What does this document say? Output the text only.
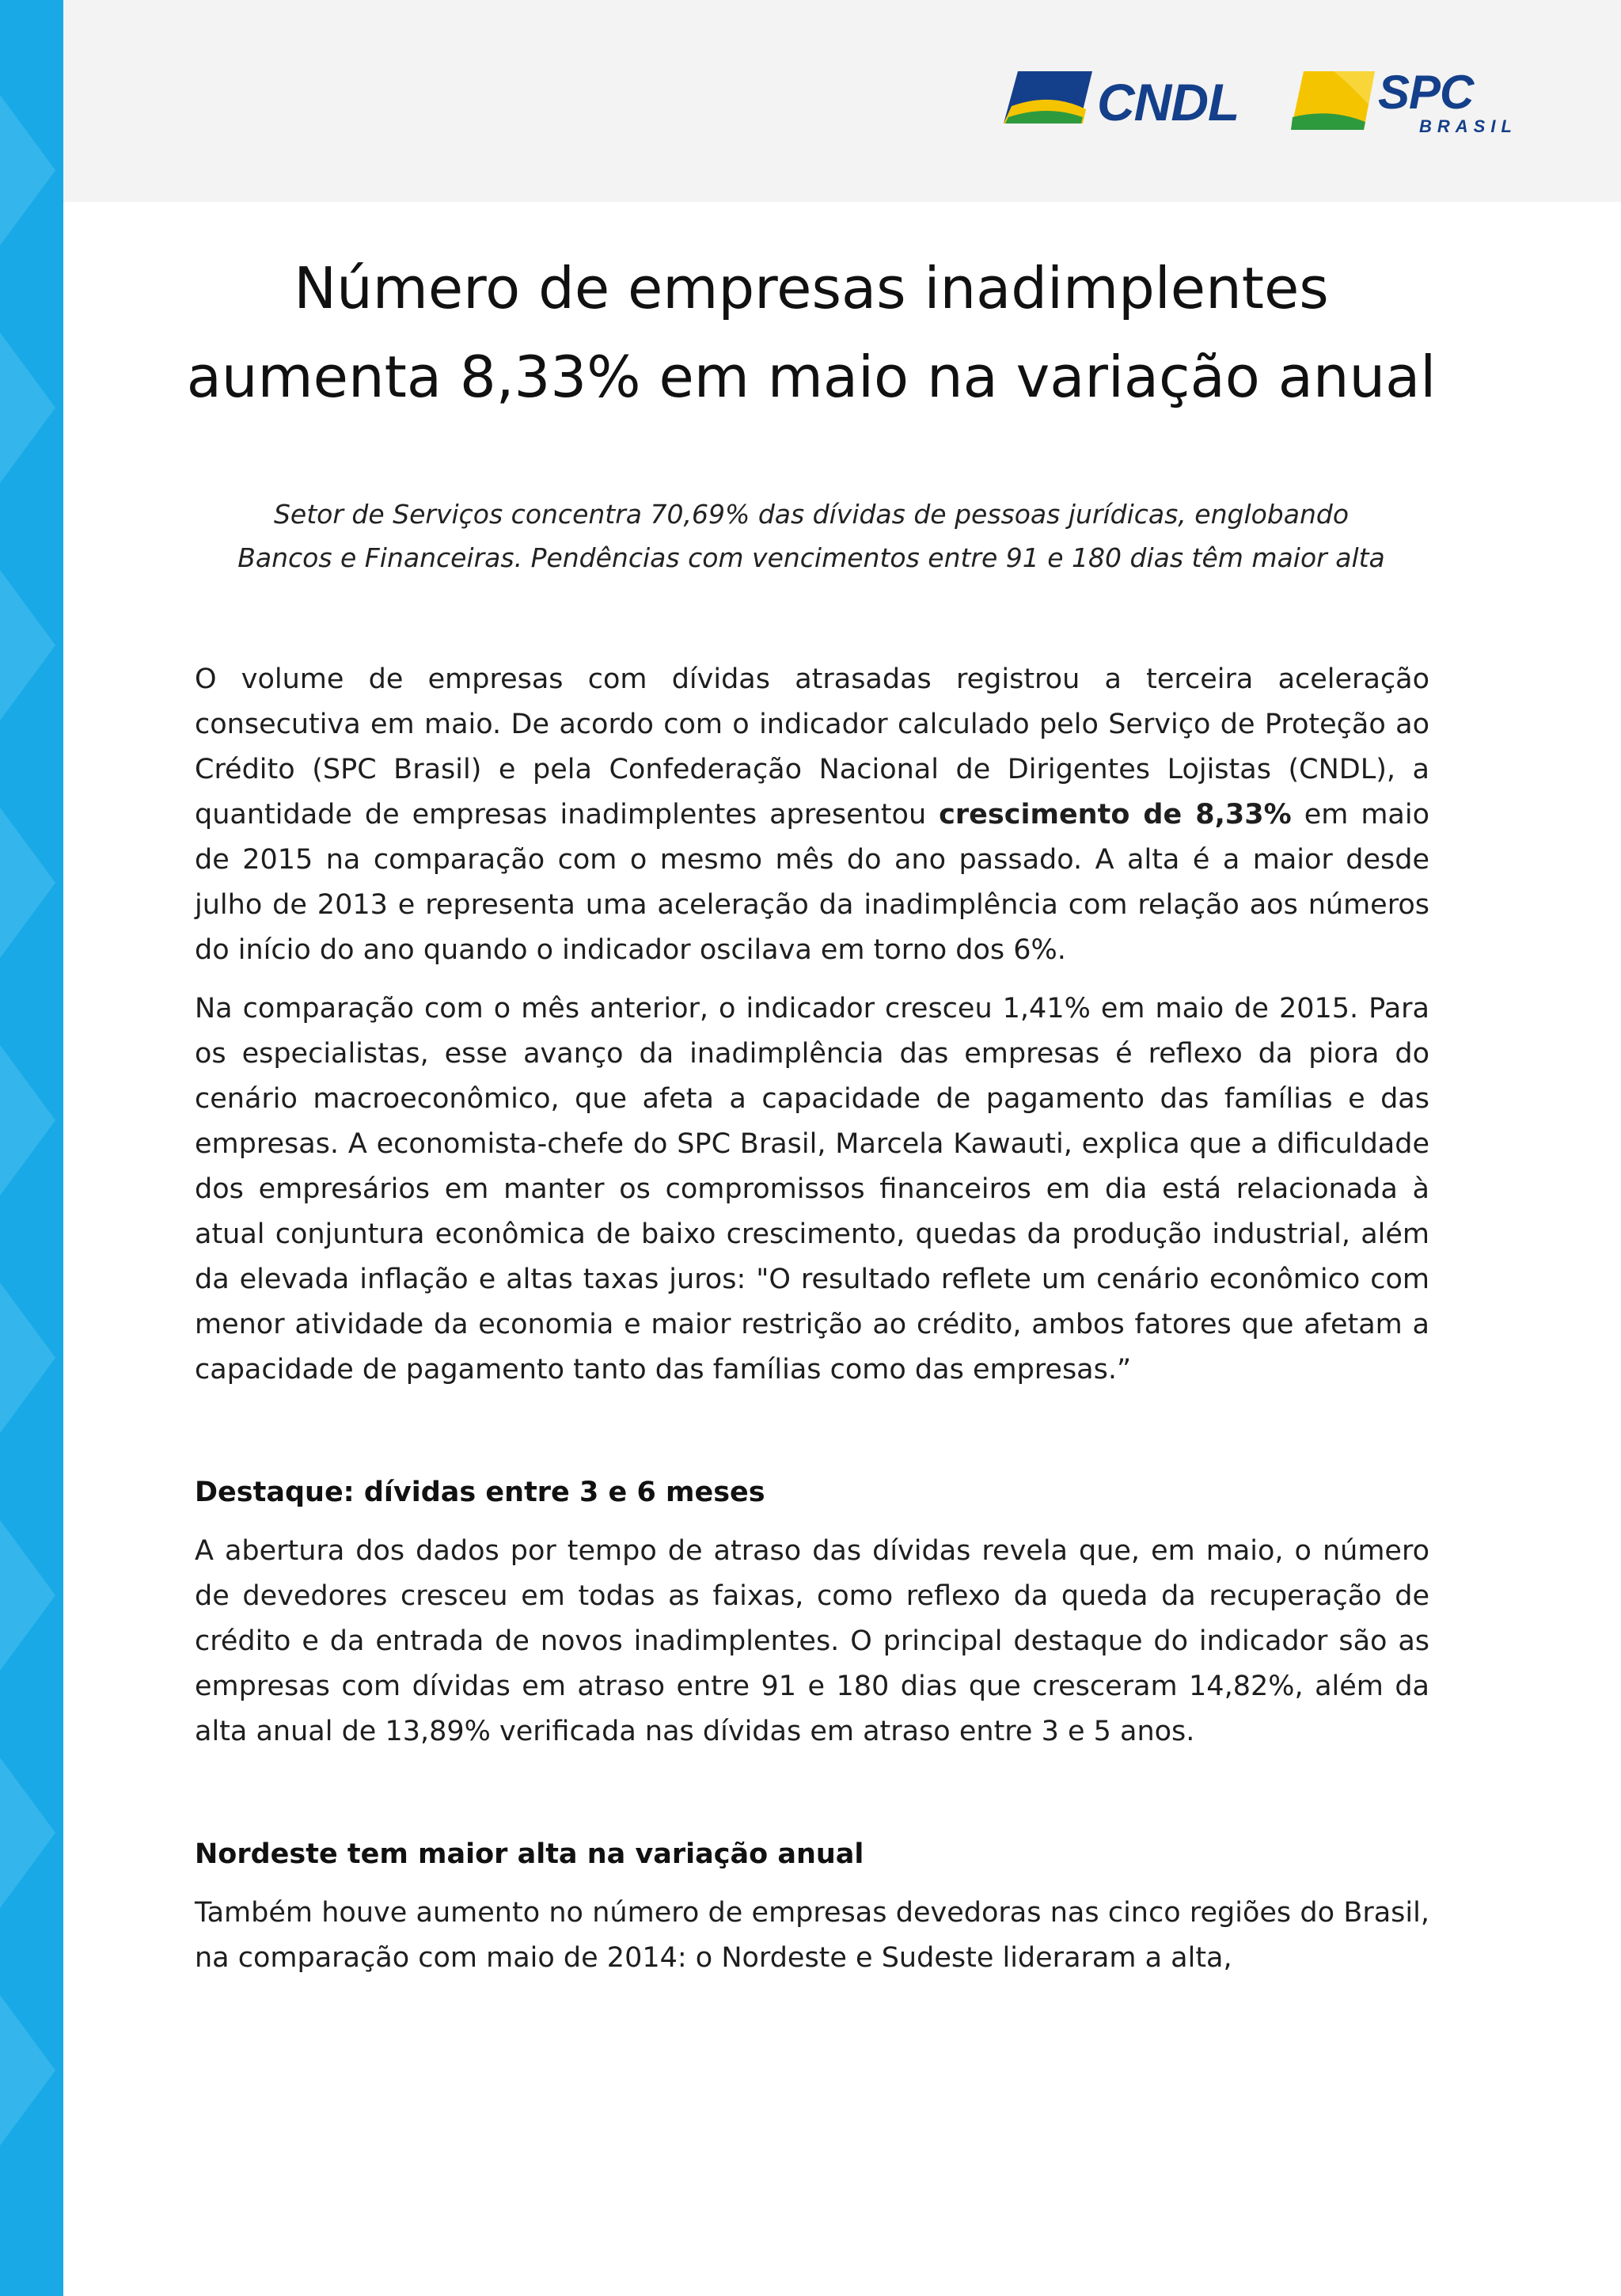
CNDL	SPC
BRASIL
Número de empresas inadimplentes
aumenta 8,33% em maio na variação anual

Setor de Serviços concentra 70,69% das dívidas de pessoas jurídicas, englobando
Bancos e Financeiras. Pendências com vencimentos entre 91 e 180 dias têm maior alta

O volume de empresas com dívidas atrasadas registrou a terceira aceleração consecutiva em maio. De acordo com o indicador calculado pelo Serviço de Proteção ao Crédito (SPC Brasil) e pela Confederação Nacional de Dirigentes Lojistas (CNDL), a quantidade de empresas inadimplentes apresentou crescimento de 8,33% em maio de 2015 na comparação com o mesmo mês do ano passado. A alta é a maior desde julho de 2013 e representa uma aceleração da inadimplência com relação aos números do início do ano quando o indicador oscilava em torno dos 6%.

Na comparação com o mês anterior, o indicador cresceu 1,41% em maio de 2015. Para os especialistas, esse avanço da inadimplência das empresas é reflexo da piora do cenário macroeconômico, que afeta a capacidade de pagamento das famílias e das empresas. A economista-chefe do SPC Brasil, Marcela Kawauti, explica que a dificuldade dos empresários em manter os compromissos financeiros em dia está relacionada à atual conjuntura econômica de baixo crescimento, quedas da produção industrial, além da elevada inflação e altas taxas juros: "O resultado reflete um cenário econômico com menor atividade da economia e maior restrição ao crédito, ambos fatores que afetam a capacidade de pagamento tanto das famílias como das empresas.”

Destaque: dívidas entre 3 e 6 meses

A abertura dos dados por tempo de atraso das dívidas revela que, em maio, o número de devedores cresceu em todas as faixas, como reflexo da queda da recuperação de crédito e da entrada de novos inadimplentes. O principal destaque do indicador são as empresas com dívidas em atraso entre 91 e 180 dias que cresceram 14,82%, além da alta anual de 13,89% verificada nas dívidas em atraso entre 3 e 5 anos.

Nordeste tem maior alta na variação anual

Também houve aumento no número de empresas devedoras nas cinco regiões do Brasil, na comparação com maio de 2014: o Nordeste e Sudeste lideraram a alta,
